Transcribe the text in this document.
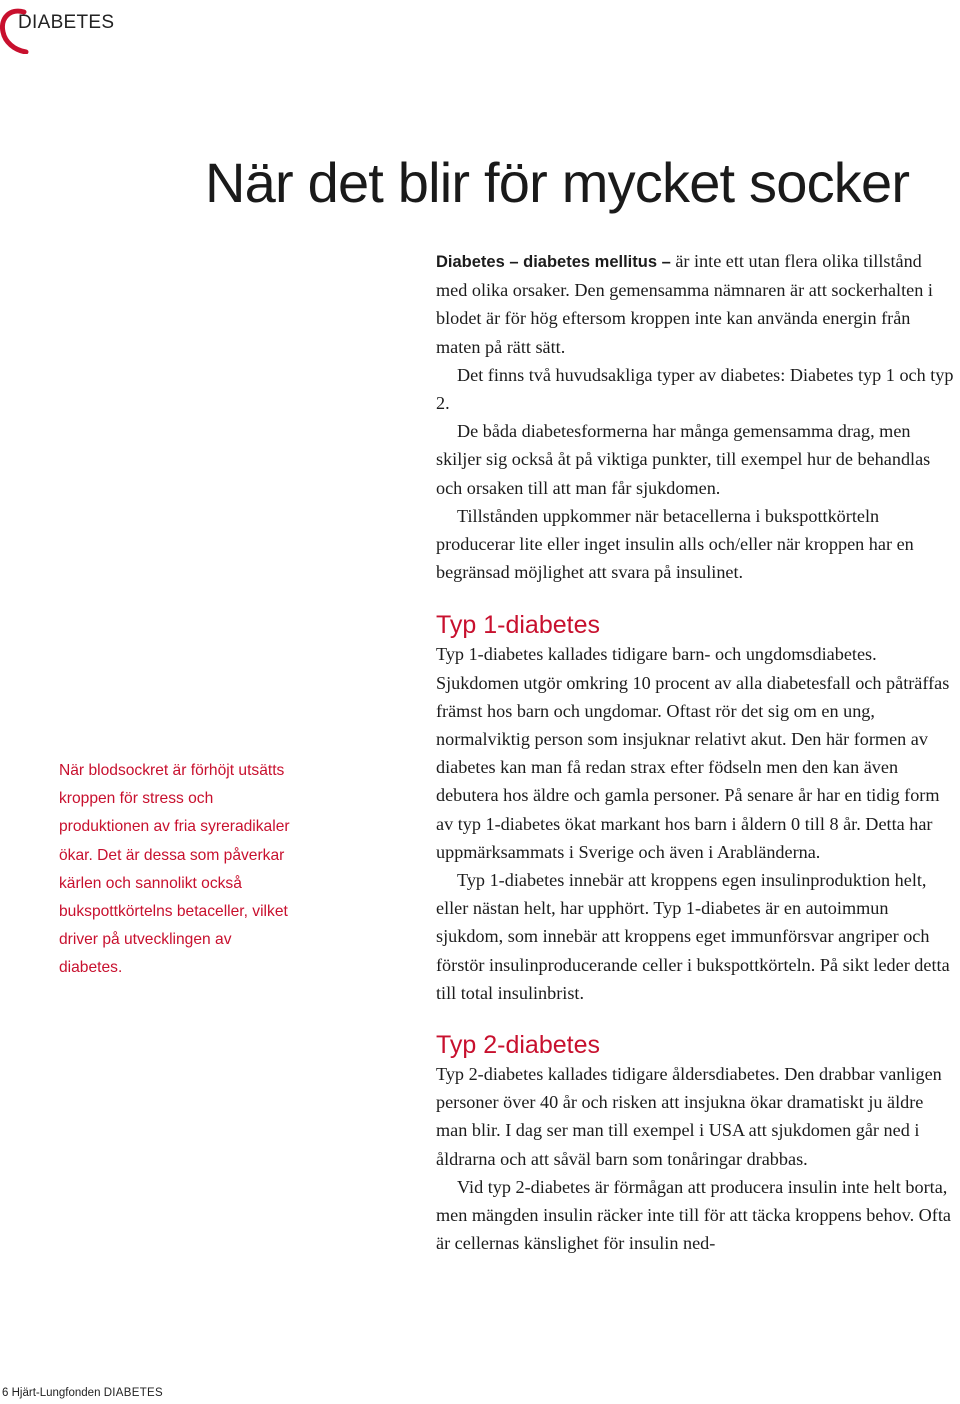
DIABETES
När det blir för mycket socker

Diabetes – diabetes mellitus – är inte ett utan flera olika tillstånd med olika orsaker. Den gemensamma nämnaren är att sockerhalten i blodet är för hög eftersom kroppen inte kan använda energin från maten på rätt sätt.

Det finns två huvudsakliga typer av diabetes: Diabetes typ 1 och typ 2.

De båda diabetesformerna har många gemensamma drag, men skiljer sig också åt på viktiga punkter, till exempel hur de behandlas och orsaken till att man får sjukdomen.

Tillstånden uppkommer när betacellerna i bukspottkörteln producerar lite eller inget insulin alls och/eller när kroppen har en begränsad möjlighet att svara på insulinet.

Typ 1-diabetes

Typ 1-diabetes kallades tidigare barn- och ungdomsdiabetes. Sjukdomen utgör omkring 10 procent av alla diabetesfall och påträffas främst hos barn och ungdomar. Oftast rör det sig om en ung, normalviktig person som insjuknar relativt akut. Den här formen av diabetes kan man få redan strax efter födseln men den kan även debutera hos äldre och gamla personer. På senare år har en tidig form av typ 1-diabetes ökat markant hos barn i åldern 0 till 8 år. Detta har uppmärksammats i Sverige och även i Arabländerna.

Typ 1-diabetes innebär att kroppens egen insulinproduktion helt, eller nästan helt, har upphört. Typ 1-diabetes är en autoimmun sjukdom, som innebär att kroppens eget immunförsvar angriper och förstör insulinproducerande celler i bukspottkörteln. På sikt leder detta till total insulinbrist.

Typ 2-diabetes

Typ 2-diabetes kallades tidigare åldersdiabetes. Den drabbar vanligen personer över 40 år och risken att insjukna ökar dramatiskt ju äldre man blir. I dag ser man till exempel i USA att sjukdomen går ned i åldrarna och att såväl barn som tonåringar drabbas.

Vid typ 2-diabetes är förmågan att producera insulin inte helt borta, men mängden insulin räcker inte till för att täcka kroppens behov. Ofta är cellernas känslighet för insulin ned-

När blodsockret är förhöjt utsätts kroppen för stress och produktionen av fria syreradikaler ökar. Det är dessa som påverkar kärlen och sannolikt också bukspottkörtelns betaceller, vilket driver på utvecklingen av diabetes.

6 Hjärt-Lungfonden DIABETES
